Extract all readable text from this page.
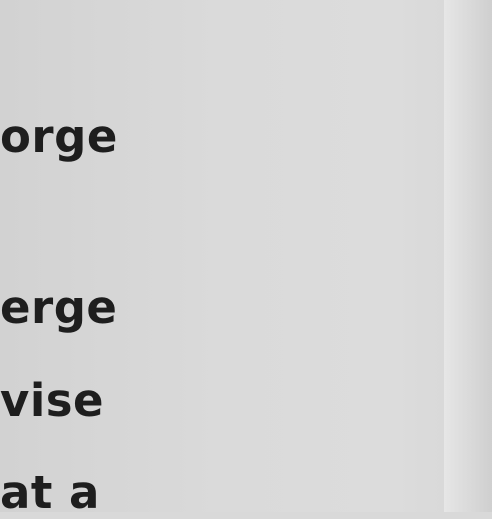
orge

erge

vise

at a
